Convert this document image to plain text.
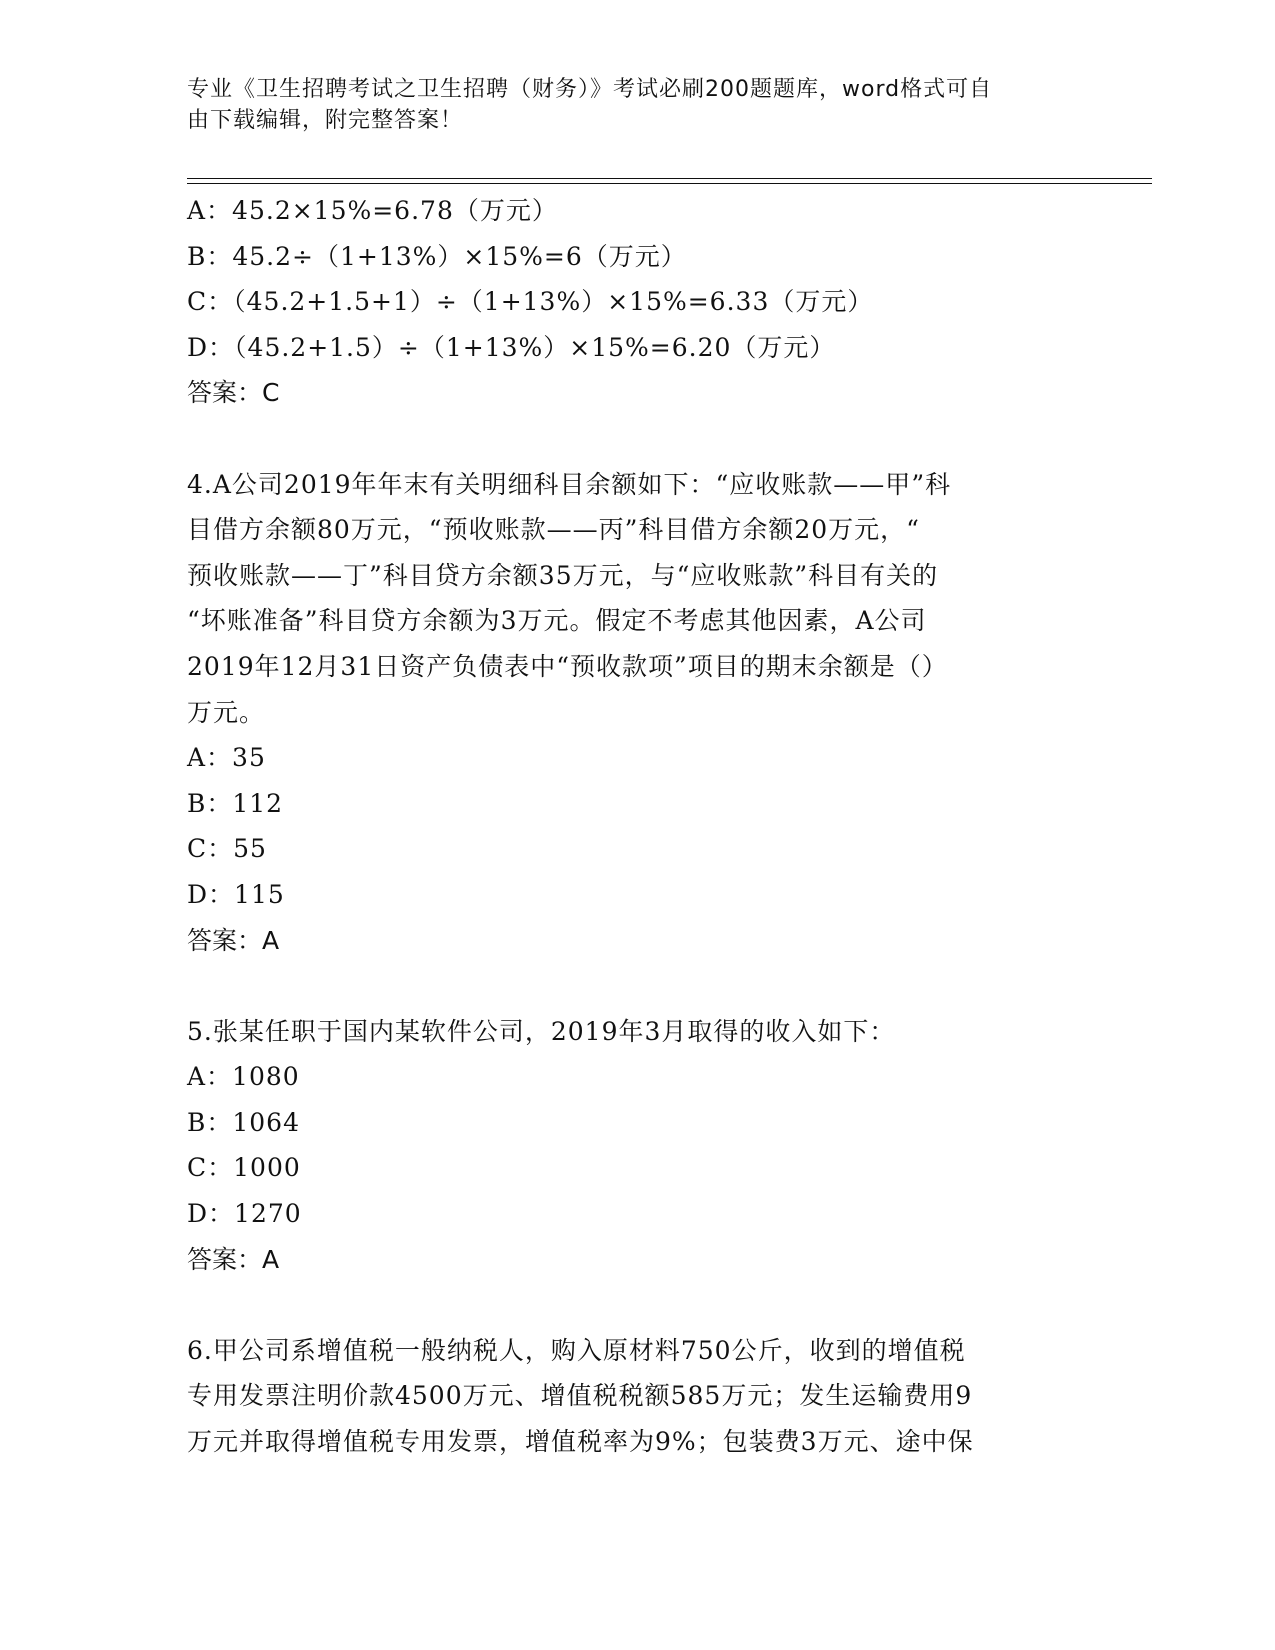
专业《卫生招聘考试之卫生招聘（财务）》考试必刷200题题库，word格式可自
由下载编辑，附完整答案！
A：45.2×15%=6.78（万元）
B：45.2÷（1+13%）×15%=6（万元）
C：（45.2+1.5+1）÷（1+13%）×15%=6.33（万元）
D：（45.2+1.5）÷（1+13%）×15%=6.20（万元）
答案：C
4.A公司2019年年末有关明细科目余额如下：“应收账款——甲”科
目借方余额80万元，“预收账款——丙”科目借方余额20万元，“
预收账款——丁”科目贷方余额35万元，与“应收账款”科目有关的
“坏账准备”科目贷方余额为3万元。假定不考虑其他因素，A公司
2019年12月31日资产负债表中“预收款项”项目的期末余额是（）
万元。
A：35
B：112
C：55
D：115
答案：A
5.张某任职于国内某软件公司，2019年3月取得的收入如下：
A：1080
B：1064
C：1000
D：1270
答案：A
6.甲公司系增值税一般纳税人，购入原材料750公斤，收到的增值税
专用发票注明价款4500万元、增值税税额585万元；发生运输费用9
万元并取得增值税专用发票，增值税率为9%；包装费3万元、途中保
